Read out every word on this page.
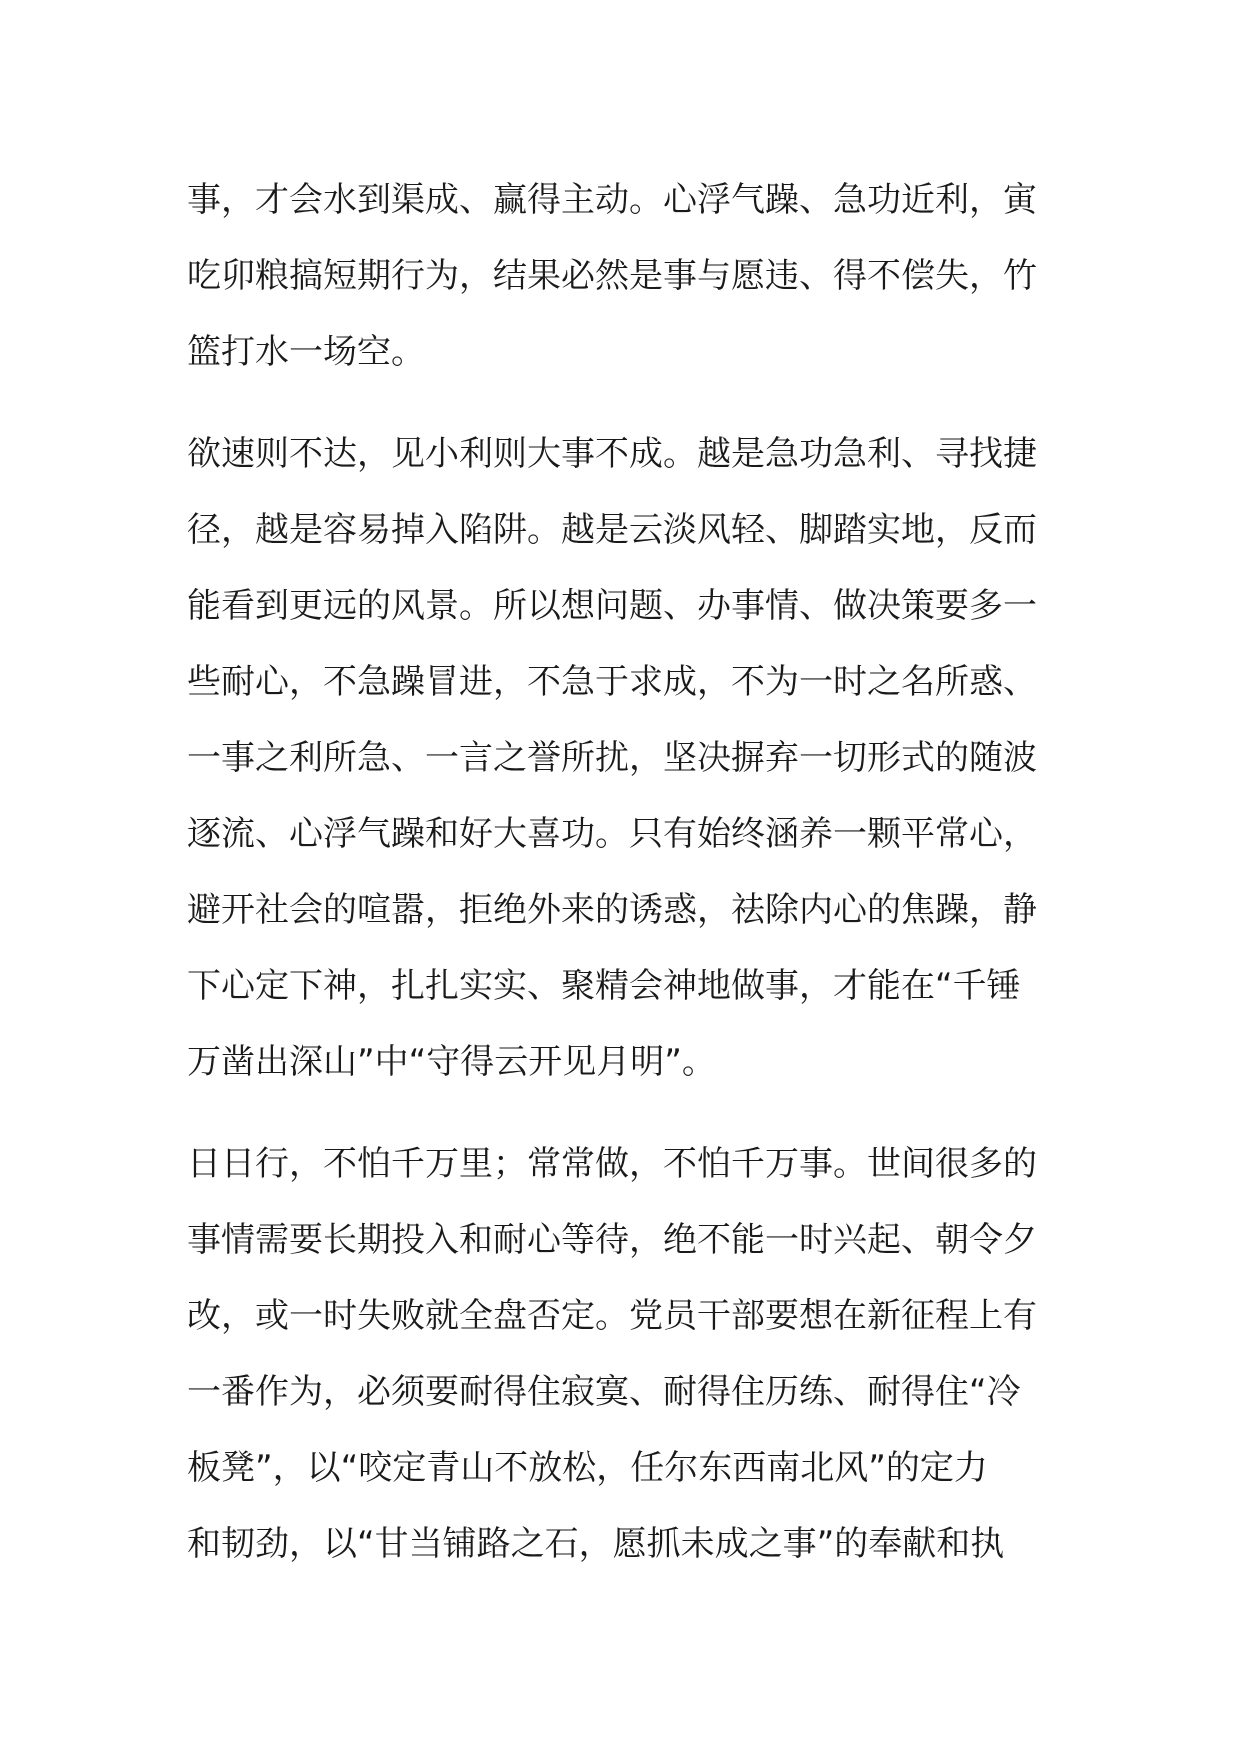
事，才会水到渠成、赢得主动。心浮气躁、急功近利，寅
吃卯粮搞短期行为，结果必然是事与愿违、得不偿失，竹
篮打水一场空。

欲速则不达，见小利则大事不成。越是急功急利、寻找捷
径，越是容易掉入陷阱。越是云淡风轻、脚踏实地，反而
能看到更远的风景。所以想问题、办事情、做决策要多一
些耐心，不急躁冒进，不急于求成，不为一时之名所惑、
一事之利所急、一言之誉所扰，坚决摒弃一切形式的随波
逐流、心浮气躁和好大喜功。只有始终涵养一颗平常心，
避开社会的喧嚣，拒绝外来的诱惑，祛除内心的焦躁，静
下心定下神，扎扎实实、聚精会神地做事，才能在“千锤
万凿出深山”中“守得云开见月明”。

日日行，不怕千万里；常常做，不怕千万事。世间很多的
事情需要长期投入和耐心等待，绝不能一时兴起、朝令夕
改，或一时失败就全盘否定。党员干部要想在新征程上有
一番作为，必须要耐得住寂寞、耐得住历练、耐得住“冷
板凳”，以“咬定青山不放松，任尔东西南北风”的定力
和韧劲，以“甘当铺路之石，愿抓未成之事”的奉献和执
